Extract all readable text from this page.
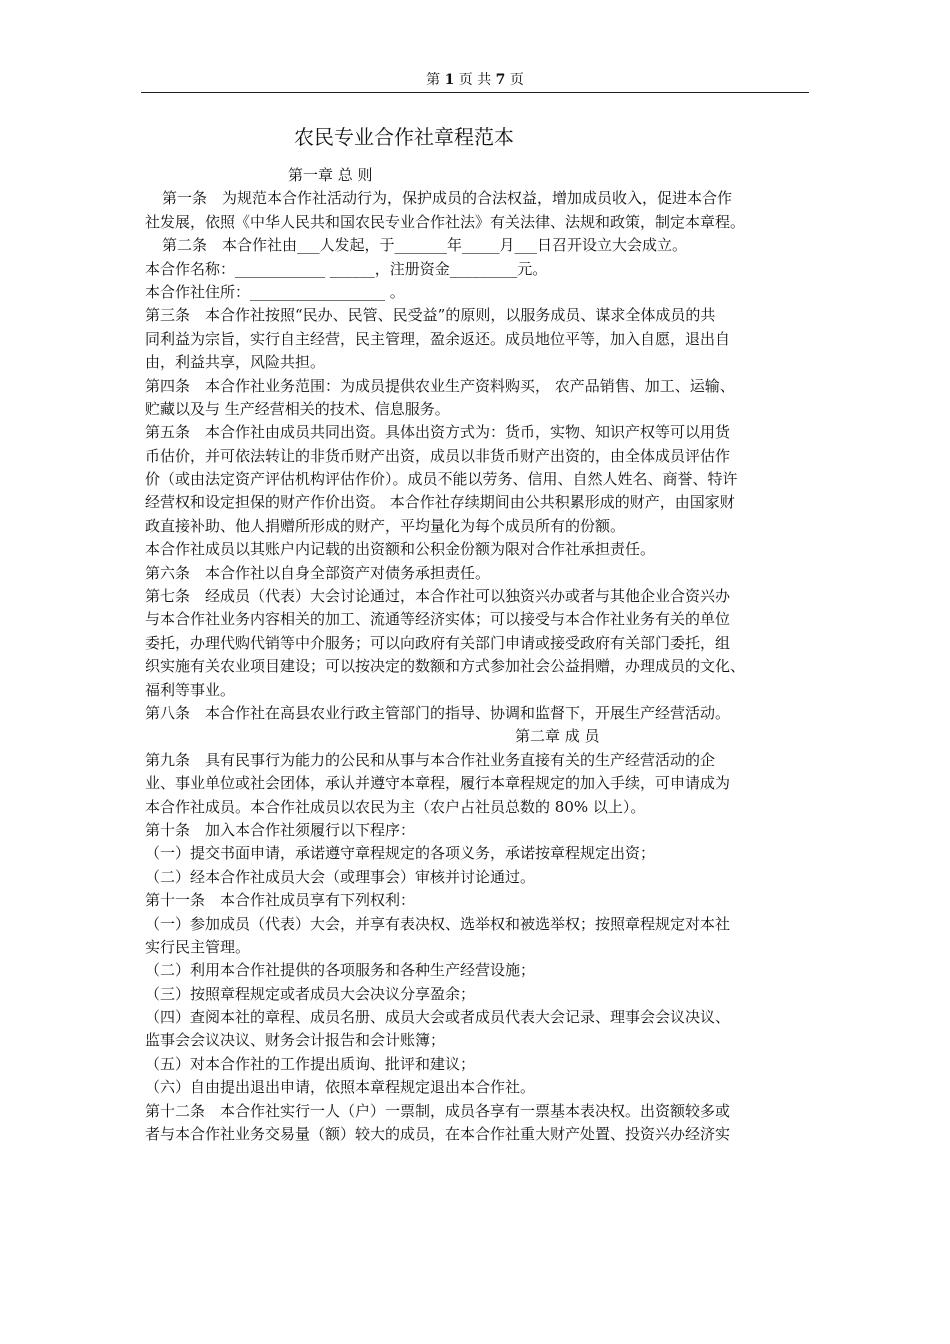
第 1 页 共 7 页
农民专业合作社章程范本
第一章 总 则
第一条　为规范本合作社活动行为，保护成员的合法权益，增加成员收入，促进本合作
社发展，依照《中华人民共和国农民专业合作社法》有关法律、法规和政策，制定本章程。
第二条　本合作社由___人发起，于_______年_____月___日召开设立大会成立。
本合作名称：____________ ______，注册资金_________元。
本合作社住所：__________________ 。
第三条　本合作社按照“民办、民管、民受益”的原则，以服务成员、谋求全体成员的共
同利益为宗旨，实行自主经营，民主管理，盈余返还。成员地位平等，加入自愿，退出自
由，利益共享，风险共担。
第四条　本合作社业务范围：为成员提供农业生产资料购买， 农产品销售、加工、运输、
贮藏以及与 生产经营相关的技术、信息服务。
第五条　本合作社由成员共同出资。具体出资方式为：货币，实物、知识产权等可以用货
币估价，并可依法转让的非货币财产出资，成员以非货币财产出资的，由全体成员评估作
价（或由法定资产评估机构评估作价）。成员不能以劳务、信用、自然人姓名、商誉、特许
经营权和设定担保的财产作价出资。 本合作社存续期间由公共积累形成的财产，由国家财
政直接补助、他人捐赠所形成的财产，平均量化为每个成员所有的份额。
本合作社成员以其账户内记载的出资额和公积金份额为限对合作社承担责任。
第六条　本合作社以自身全部资产对债务承担责任。
第七条　经成员（代表）大会讨论通过，本合作社可以独资兴办或者与其他企业合资兴办
与本合作社业务内容相关的加工、流通等经济实体；可以接受与本合作社业务有关的单位
委托，办理代购代销等中介服务；可以向政府有关部门申请或接受政府有关部门委托，组
织实施有关农业项目建设；可以按决定的数额和方式参加社会公益捐赠，办理成员的文化、
福利等事业。
第八条　本合作社在高县农业行政主管部门的指导、协调和监督下，开展生产经营活动。
第二章 成 员
第九条　具有民事行为能力的公民和从事与本合作社业务直接有关的生产经营活动的企
业、事业单位或社会团体，承认并遵守本章程，履行本章程规定的加入手续，可申请成为
本合作社成员。本合作社成员以农民为主（农户占社员总数的 80% 以上）。
第十条　加入本合作社须履行以下程序：
（一）提交书面申请，承诺遵守章程规定的各项义务，承诺按章程规定出资；
（二）经本合作社成员大会（或理事会）审核并讨论通过。
第十一条　本合作社成员享有下列权利：
（一）参加成员（代表）大会，并享有表决权、选举权和被选举权；按照章程规定对本社
实行民主管理。
（二）利用本合作社提供的各项服务和各种生产经营设施；
（三）按照章程规定或者成员大会决议分享盈余；
（四）查阅本社的章程、成员名册、成员大会或者成员代表大会记录、理事会会议决议、
监事会会议决议、财务会计报告和会计账簿；
（五）对本合作社的工作提出质询、批评和建议；
（六）自由提出退出申请，依照本章程规定退出本合作社。
第十二条　本合作社实行一人（户）一票制，成员各享有一票基本表决权。出资额较多或
者与本合作社业务交易量（额）较大的成员，在本合作社重大财产处置、投资兴办经济实
